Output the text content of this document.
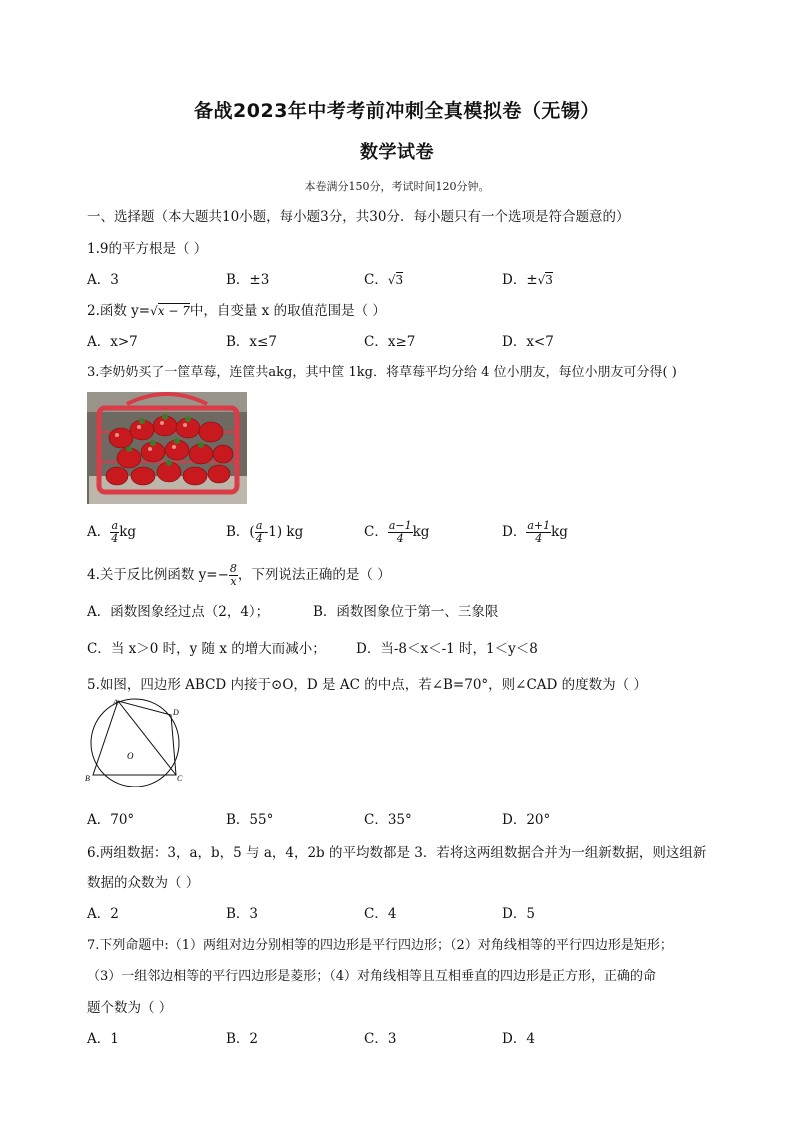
备战2023年中考考前冲刺全真模拟卷（无锡）
数学试卷
本卷满分150分，考试时间120分钟。
一、选择题（本大题共10小题，每小题3分，共30分．每小题只有一个选项是符合题意的）
1.9的平方根是（ ）
A．3	B．±3	C．√3	D．±√3
2.函数 y=√x − 7中，自变量 x 的取值范围是（ ）
A．x>7	B．x≤7	C．x≥7	D．x<7
3.李奶奶买了一筐草莓，连筐共akg，其中筐 1kg．将草莓平均分给 4 位小朋友，每位小朋友可分得( )
A． $\frac{a}{4}$ kg	B．( $\frac{a}{4} -1$) kg	C． $\frac{a-1}{4}$ kg	D． $\frac{a+1}{4}$ kg
4.关于反比例函数 $y=- \frac{8}{x}$ ，下列说法正确的是（ ）
A．函数图象经过点（2，4）；	B．函数图象位于第一、三象限
C．当 x＞0 时，y 随 x 的增大而减小； D．当-8＜x＜-1 时，1＜y＜8
5.如图，四边形 ABCD 内接于⊙O，D 是 AC 的中点，若∠B=70°，则∠CAD 的度数为（ ）
A
B	C
D
O
A．70°	B．55°	C．35°	D．20°
6.两组数据：3，a，b，5 与 a，4，2b 的平均数都是 3．若将这两组数据合并为一组新数据，则这组新
数据的众数为（ ）
A．2	B．3	C．4	D．5
7.下列命题中:（1）两组对边分别相等的四边形是平行四边形；（2）对角线相等的平行四边形是矩形；
（3）一组邻边相等的平行四边形是菱形；（4）对角线相等且互相垂直的四边形是正方形，正确的命
题个数为（ ）
A．1	B．2	C．3	D．4
